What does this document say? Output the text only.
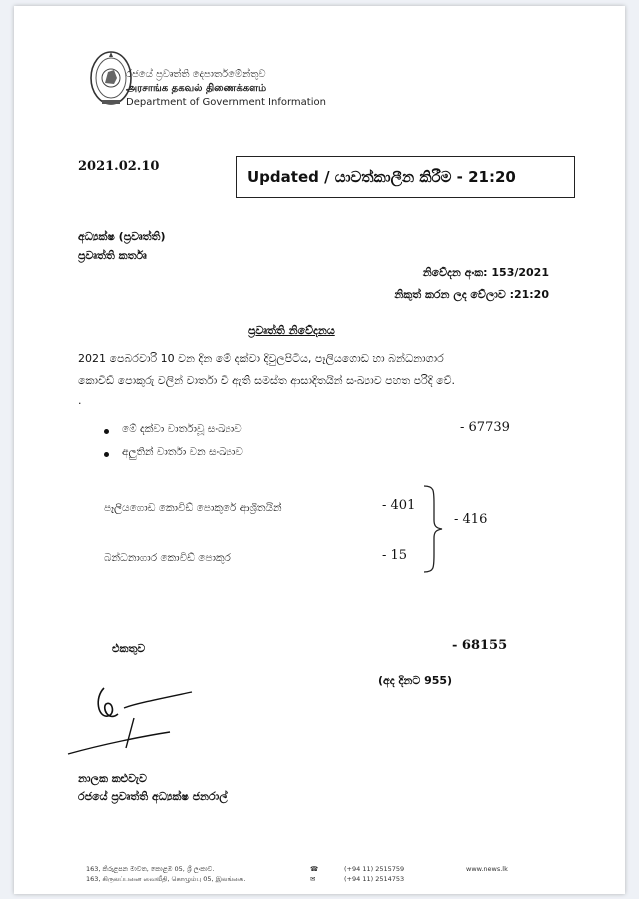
රජයේ ප්‍රවෘත්ති දෙපාර්තමේන්තුව
அரசாங்க தகவல் திணைக்களம்
Department of Government Information
2021.02.10
Updated / යාවත්කාලීන කිරීම - 21:20
අධ්‍යක්ෂ (ප්‍රවෘත්ති)
ප්‍රවෘත්ති කර්තෘ
නිවේදන අංක: 153/2021
නිකුත් කරන ලද වේලාව :21:20
ප්‍රවෘත්ති නිවේදනය
2021 පෙබරවාරි 10 වන දින මේ දක්වා දිවුලපිටිය, පෑලියගොඩ හා බන්ධනාගාර
කොවිඩ් පොකුරු වලින් වාර්තා වී ඇති සමස්ත ආසාදිතයින් සංඛ්‍යාව පහත පරිදි වේ.
.
මේ දක්වා වාර්තාවූ සංඛ්‍යාව	- 67739
අලුතින් වාර්තා වන සංඛ්‍යාව
පෑලියගොඩ කොවිඩ් පොකුරේ ආශ්‍රිතයින්	- 401
බන්ධනාගාර කොවිඩ් පොකුර	- 15
- 416
එකතුව	- 68155
(අද දිනට 955)
නාලක කළුවැව
රජයේ ප්‍රවෘත්ති අධ්‍යක්ෂ ජනරාල්
163, කිරුළපන මාවත, කොළඹ 05, ශ්‍රී ලංකාව.
163, கிருலப்பனை வைவீதி, கொழும்பு 05, இலங்கை.
☎	(+94 11) 2515759
✉	(+94 11) 2514753
www.news.lk
